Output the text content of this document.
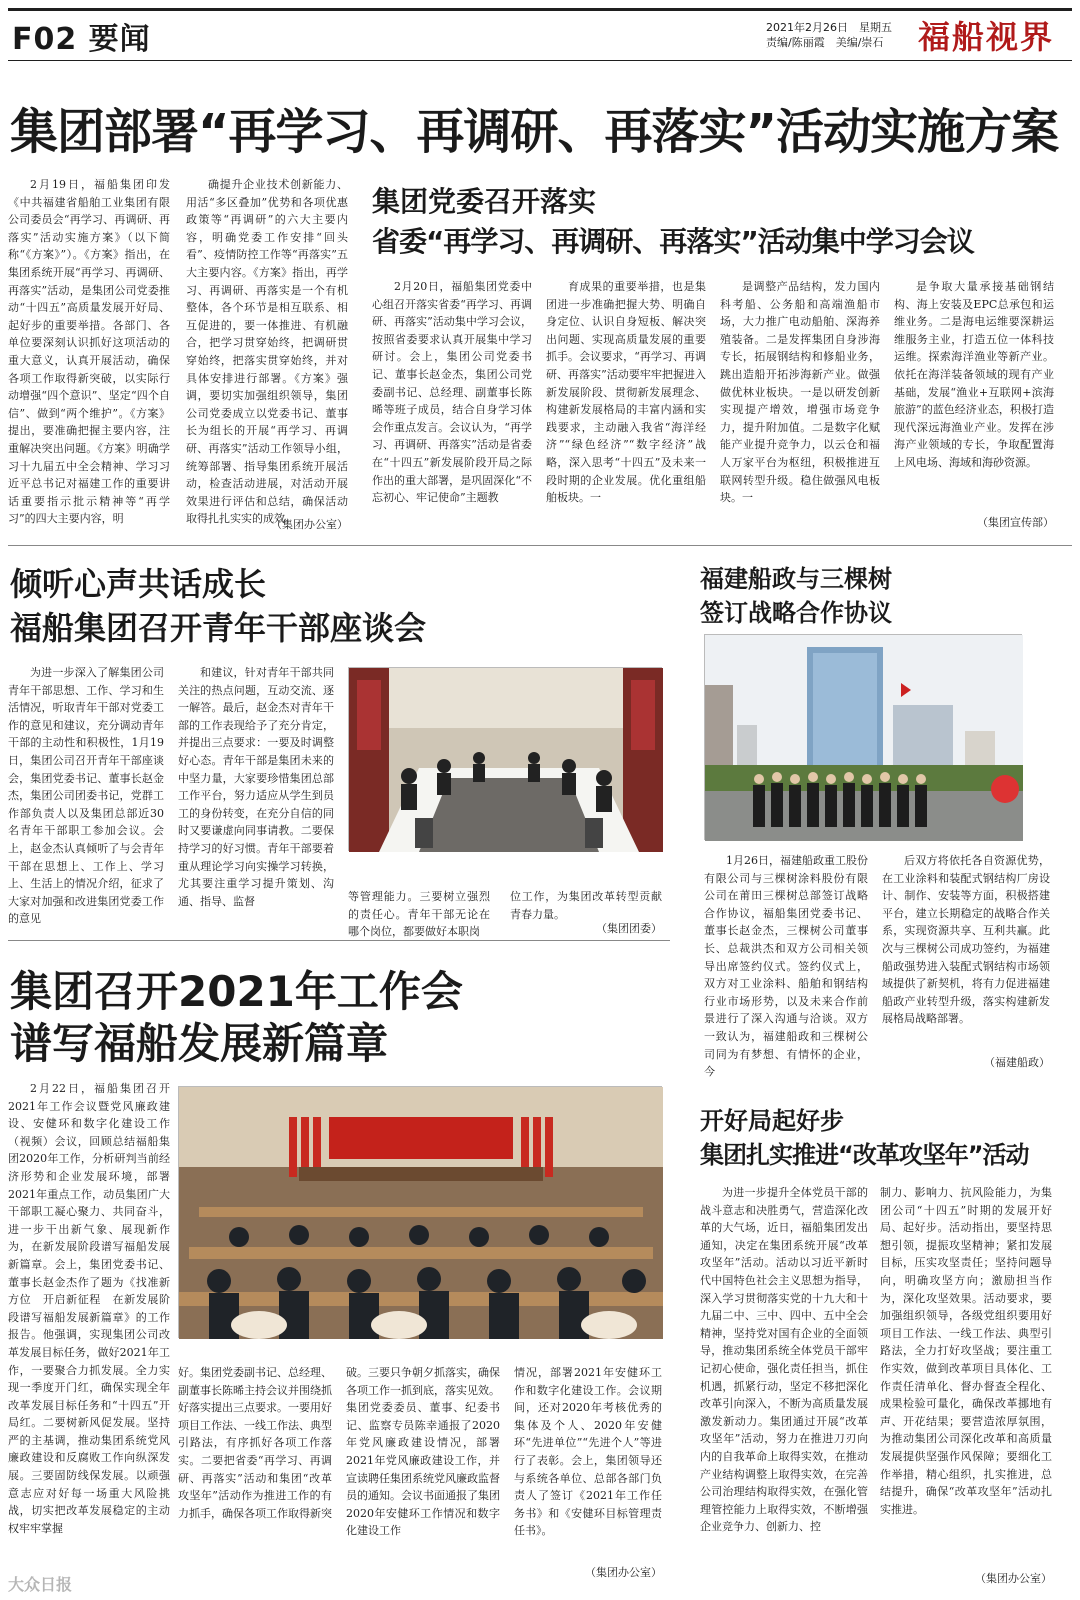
F02 要闻	2021年2月26日　星期五
责编/陈丽霞　美编/崇石 福船视界
集团部署“再学习、再调研、再落实”活动实施方案
2月19日，福船集团印发《中共福建省船舶工业集团有限公司委员会“再学习、再调研、再落实”活动实施方案》（以下简称“《方案》”）。《方案》指出，在集团系统开展“再学习、再调研、再落实”活动，是集团公司党委推动“十四五”高质量发展开好局、起好步的重要举措。各部门、各单位要深刻认识抓好这项活动的重大意义，认真开展活动，确保各项工作取得新突破，以实际行动增强“四个意识”、坚定“四个自信”、做到“两个维护”。《方案》提出，要准确把握主要内容，注重解决突出问题。《方案》明确学习十九届五中全会精神、学习习近平总书记对福建工作的重要讲话重要指示批示精神等“再学习”的四大主要内容，明
确提升企业技术创新能力、用活“多区叠加”优势和各项优惠政策等“再调研”的六大主要内容，明确党委工作安排“回头看”、疫情防控工作等“再落实”五大主要内容。《方案》指出，再学习、再调研、再落实是一个有机整体，各个环节是相互联系、相互促进的，要一体推进、有机融合，把学习贯穿始终，把调研贯穿始终，把落实贯穿始终，并对具体安排进行部署。《方案》强调，要切实加强组织领导，集团公司党委成立以党委书记、董事长为组长的开展“再学习、再调研、再落实”活动工作领导小组，统筹部署、指导集团系统开展活动，检查活动进展，对活动开展效果进行评估和总结，确保活动取得扎扎实实的成效。
（集团办公室）
集团党委召开落实
省委“再学习、再调研、再落实”活动集中学习会议
2月20日，福船集团党委中心组召开落实省委“再学习、再调研、再落实”活动集中学习会议，按照省委要求认真开展集中学习研讨。会上，集团公司党委书记、董事长赵金杰，集团公司党委副书记、总经理、副董事长陈晞等班子成员，结合自身学习体会作重点发言。会议认为，“再学习、再调研、再落实”活动是省委在“十四五”新发展阶段开局之际作出的重大部署，是巩固深化“不忘初心、牢记使命”主题教
育成果的重要举措，也是集团进一步准确把握大势、明确自身定位、认识自身短板、解决突出问题、实现高质量发展的重要抓手。会议要求，“再学习、再调研、再落实”活动要牢牢把握进入新发展阶段、贯彻新发展理念、构建新发展格局的丰富内涵和实践要求，主动融入我省“海洋经济”“绿色经济”“数字经济”战略，深入思考“十四五”及未来一段时期的企业发展。优化重组船舶板块。一
是调整产品结构，发力国内科考船、公务船和高端渔船市场，大力推广电动船舶、深海养殖装备。二是发挥集团自身涉海专长，拓展钢结构和修船业务，跳出造船开拓涉海新产业。做强做优林业板块。一是以研发创新实现提产增效，增强市场竞争力，提升附加值。二是数字化赋能产业提升竞争力，以云仓和福人万家平台为枢纽，积极推进互联网转型升级。稳住做强风电板块。一
是争取大量承接基础钢结构、海上安装及EPC总承包和运维业务。二是海电运维要深耕运维服务主业，打造五位一体科技运维。探索海洋渔业等新产业。依托在海洋装备领域的现有产业基础，发展“渔业+互联网+滨海旅游”的蓝色经济业态，积极打造现代深远海渔业产业。发挥在涉海产业领域的专长，争取配置海上风电场、海域和海砂资源。
（集团宣传部）
倾听心声共话成长
福船集团召开青年干部座谈会
为进一步深入了解集团公司青年干部思想、工作、学习和生活情况，听取青年干部对党委工作的意见和建议，充分调动青年干部的主动性和积极性，1月19日，集团公司召开青年干部座谈会，集团党委书记、董事长赵金杰，集团公司团委书记，党群工作部负责人以及集团总部近30名青年干部职工参加会议。会上，赵金杰认真倾听了与会青年干部在思想上、工作上、学习上、生活上的情况介绍，征求了大家对加强和改进集团党委工作的意见
和建议，针对青年干部共同关注的热点问题，互动交流、逐一解答。最后，赵金杰对青年干部的工作表现给予了充分肯定，并提出三点要求：一要及时调整好心态。青年干部是集团未来的中坚力量，大家要珍惜集团总部工作平台，努力适应从学生到员工的身份转变，在充分自信的同时又要谦虚向同事请教。二要保持学习的好习惯。青年干部要着重从理论学习向实操学习转换，尤其要注重学习提升策划、沟通、指导、监督	等管理能力。三要树立强烈的责任心。青年干部无论在哪个岗位，都要做好本职岗
位工作，为集团改革转型贡献青春力量。
（集团团委）
福建船政与三棵树
签订战略合作协议
1月26日，福建船政重工股份有限公司与三棵树涂料股份有限公司在莆田三棵树总部签订战略合作协议，福船集团党委书记、董事长赵金杰，三棵树公司董事长、总裁洪杰和双方公司相关领导出席签约仪式。签约仪式上，双方对工业涂料、船舶和钢结构行业市场形势，以及未来合作前景进行了深入沟通与洽谈。双方一致认为，福建船政和三棵树公司同为有梦想、有情怀的企业，今
后双方将依托各自资源优势，在工业涂料和装配式钢结构厂房设计、制作、安装等方面，积极搭建平台，建立长期稳定的战略合作关系，实现资源共享、互利共赢。此次与三棵树公司成功签约，为福建船政强势进入装配式钢结构市场领域提供了新契机，将有力促进福建船政产业转型升级，落实构建新发展格局战略部署。
（福建船政）
集团召开2021年工作会
谱写福船发展新篇章
2月22日，福船集团召开2021年工作会议暨党风廉政建设、安健环和数字化建设工作（视频）会议，回顾总结福船集团2020年工作，分析研判当前经济形势和企业发展环境，部署2021年重点工作，动员集团广大干部职工凝心聚力、共同奋斗，进一步干出新气象、展现新作为，在新发展阶段谱写福船发展新篇章。会上，集团党委书记、董事长赵金杰作了题为《找准新方位　开启新征程　在新发展阶段谱写福船发展新篇章》的工作报告。他强调，实现集团公司改革发展目标任务，做好2021年工作，一要聚合力抓发展。全力实现一季度开门红，确保实现全年改革发展目标任务和“十四五”开局红。二要树新风促发展。坚持严的主基调，推动集团系统党风廉政建设和反腐败工作向纵深发展。三要固防线保发展。以顽强意志应对好每一场重大风险挑战，切实把改革发展稳定的主动权牢牢掌握
好。集团党委副书记、总经理、副董事长陈晞主持会议并围绕抓好落实提出三点要求。一要用好项目工作法、一线工作法、典型引路法，有序抓好各项工作落实。二要把省委“再学习、再调研、再落实”活动和集团“改革攻坚年”活动作为推进工作的有力抓手，确保各项工作取得新突
破。三要只争朝夕抓落实，确保各项工作一抓到底，落实见效。集团党委委员、董事、纪委书记、监察专员陈幸通报了2020年党风廉政建设情况，部署2021年党风廉政建设工作，并宣读聘任集团系统党风廉政监督员的通知。会议书面通报了集团2020年安健环工作情况和数字化建设工作
情况，部署2021年安健环工作和数字化建设工作。会议期间，还对2020年考核优秀的集体及个人、2020年安健环“先进单位”“先进个人”等进行了表彰。会上，集团领导还与系统各单位、总部各部门负责人了签订《2021年工作任务书》和《安健环目标管理责任书》。
（集团办公室）
开好局起好步
集团扎实推进“改革攻坚年”活动
为进一步提升全体党员干部的战斗意志和决胜勇气，营造深化改革的大气场，近日，福船集团发出通知，决定在集团系统开展“改革攻坚年”活动。活动以习近平新时代中国特色社会主义思想为指导，深入学习贯彻落实党的十九大和十九届二中、三中、四中、五中全会精神，坚持党对国有企业的全面领导，推动集团系统全体党员干部牢记初心使命，强化责任担当，抓住机遇，抓紧行动，坚定不移把深化改革引向深入，不断为高质量发展激发新动力。集团通过开展“改革攻坚年”活动，努力在推进刀刃向内的自我革命上取得实效，在推动产业结构调整上取得实效，在完善公司治理结构取得实效，在强化管理管控能力上取得实效，不断增强企业竞争力、创新力、控
制力、影响力、抗风险能力，为集团公司“十四五”时期的发展开好局、起好步。活动指出，要坚持思想引领，提振攻坚精神；紧扣发展目标，压实攻坚责任；坚持问题导向，明确攻坚方向；激励担当作为，深化攻坚效果。活动要求，要加强组织领导，各级党组织要用好项目工作法、一线工作法、典型引路法，全力打好攻坚战；要注重工作实效，做到改革项目具体化、工作责任清单化、督办督查全程化、成果检验可量化，确保改革挪地有声、开花结果；要营造浓厚氛围，为推动集团公司深化改革和高质量发展提供坚强作风保障；要细化工作举措，精心组织，扎实推进，总结提升，确保“改革攻坚年”活动扎实推进。
（集团办公室）
大众日报
